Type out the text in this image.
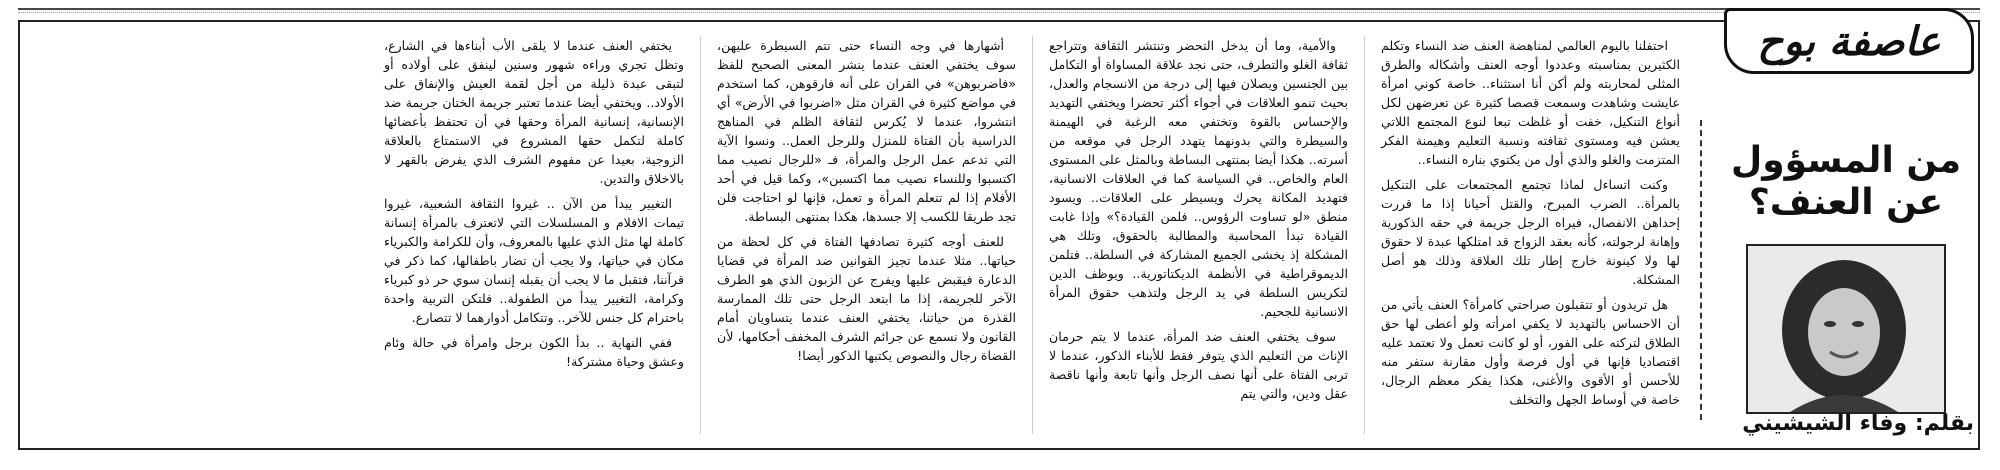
احتفلنا باليوم العالمي لمناهضة العنف ضد النساء وتكلم الكثيرين بمناسبته وعددوا أوجه العنف وأشكاله والطرق المثلى لمحاربته ولم أكن أنا استثناء.. خاصة كوني امرأة عايشت وشاهدت وسمعت قصصا كثيرة عن تعرضهن لكل أنواع التنكيل، خفت أو غلظت تبعا لنوع المجتمع اللاتي يعشن فيه ومستوى ثقافته ونسبة التعليم وهيمنة الفكر المتزمت والغلو والذي أول من يكتوي بناره النساء..

وكنت اتساءل لماذا تجتمع المجتمعات على التنكيل بالمرأة.. الضرب المبرح، والقتل أحيانا إذا ما قررت إحداهن الانفصال، فيراه الرجل جريمة في حقه الذكورية وإهانة لرجولته، كأنه بعقد الزواج قد امتلكها عبدة لا حقوق لها ولا كينونة خارج إطار تلك العلاقة وذلك هو أصل المشكلة.

هل تريدون أو تتقبلون صراحتي كامرأة؟ العنف يأتي من أن الاحساس بالتهديد لا يكفي امرأته ولو أعطى لها حق الطلاق لتركته على الفور، أو لو كانت تعمل ولا تعتمد عليه اقتصاديا فإنها في أول فرصة وأول مقارنة ستفر منه للأحسن أو الأقوى والأغنى، هكذا يفكر معظم الرجال، خاصة في أوساط الجهل والتخلف

والأمية، وما أن يدخل التحضر وتنتشر الثقافة وتتراجع ثقافة الغلو والتطرف، حتى نجد علاقة المساواة أو التكامل بين الجنسين ويصلان فيها إلى درجة من الانسجام والعدل، بحيث تنمو العلاقات في أجواء أكثر تحضرا ويختفي التهديد والإحساس بالقوة وتختفي معه الرغبة في الهيمنة والسيطرة والتي بدونهما يتهدد الرجل في موقعه من أسرته.. هكذا أيضا بمنتهى البساطة وبالمثل على المستوى العام والخاص.. في السياسة كما في العلاقات الانسانية، فتهديد المكانة يحرك ويسيطر على العلاقات.. ويسود منطق «لو تساوت الرؤوس.. فلمن القيادة؟» وإذا غابت القيادة تبدأ المحاسبة والمطالبة بالحقوق، وتلك هي المشكلة إذ يخشى الجميع المشاركة في السلطة.. فتلمن الديموقراطية في الأنظمة الديكتاتورية.. ويوظف الدين لتكريس السلطة في يد الرجل ولتذهب حقوق المرأة الانسانية للجحيم.

سوف يختفي العنف ضد المرأة، عندما لا يتم حرمان الإناث من التعليم الذي يتوفر فقط للأبناء الذكور، عندما لا تربى الفتاة على أنها نصف الرجل وأنها تابعة وأنها ناقصة عقل ودين، والتي يتم

أشهارها في وجه النساء حتى تتم السيطرة عليهن، سوف يختفي العنف عندما ينشر المعنى الصحيح للفظ «فاضربوهن» في القران على أنه فارقوهن، كما استخدم في مواضع كثيرة في القران مثل «اضربوا في الأرض» أي انتشروا، عندما لا يُكرس لثقافة الظلم في المناهج الدراسية بأن الفتاة للمنزل وللرجل العمل.. ونسوا الآية التي تدعم عمل الرجل والمرأة، فـ «للرجال نصيب مما اكتسبوا وللنساء نصيب مما اكتسبن»، وكما قيل في أحد الأفلام إذا لم تتعلم المرأة و تعمل، فإنها لو احتاجت فلن تجد طريقا للكسب إلا جسدها، هكذا بمنتهى البساطة.

للعنف أوجه كثيرة تصادفها الفتاة في كل لحظة من حياتها.. مثلا عندما تجيز القوانين ضد المرأة في قضايا الدعارة فيقبض عليها ويفرج عن الزبون الذي هو الطرف الآخر للجريمة، إذا ما ابتعد الرجل حتى تلك الممارسة القذرة من حياتنا، يختفي العنف عندما يتساويان أمام القانون ولا نسمع عن جرائم الشرف المخفف أحكامها، لأن القضاة رجال والنصوص يكتبها الذكور أيضا!

يختفي العنف عندما لا يلقى الأب أبناءها في الشارع، وتظل تجري وراءه شهور وسنين لينفق على أولاده أو لتبقى عبدة ذليلة من أجل لقمة العيش والإنفاق على الأولاد.. ويختفي أيضا عندما تعتبر جريمة الختان جريمة ضد الإنسانية، إنسانية المرأة وحقها في أن تحتفظ بأعضائها كاملة لتكمل حقها المشروع في الاستمتاع بالعلاقة الزوجية، بعيدا عن مفهوم الشرف الذي يفرض بالقهر لا بالاخلاق والتدين.

التغيير يبدأ من الآن .. غيروا الثقافة الشعبية، غيروا تيمات الافلام و المسلسلات التي لاتعترف بالمرأة إنسانة كاملة لها مثل الذي عليها بالمعروف، وأن للكرامة والكبرياء مكان في حياتها، ولا يجب أن تضار باطفالها، كما ذكر في قرآننا، فتقبل ما لا يجب أن يقبله إنسان سوي حر ذو كبرياء وكرامة، التغيير يبدأ من الطفولة.. فلتكن التربية واحدة باحترام كل جنس للآخر.. وتتكامل أدوارهما لا تتصارع.

ففي النهاية .. بدأ الكون برجل وامرأة في حالة وئام وعشق وحياة مشتركة!

عاصفة بوح
من المسؤول عن العنف؟
بقلم: وفاء الشيشيني
